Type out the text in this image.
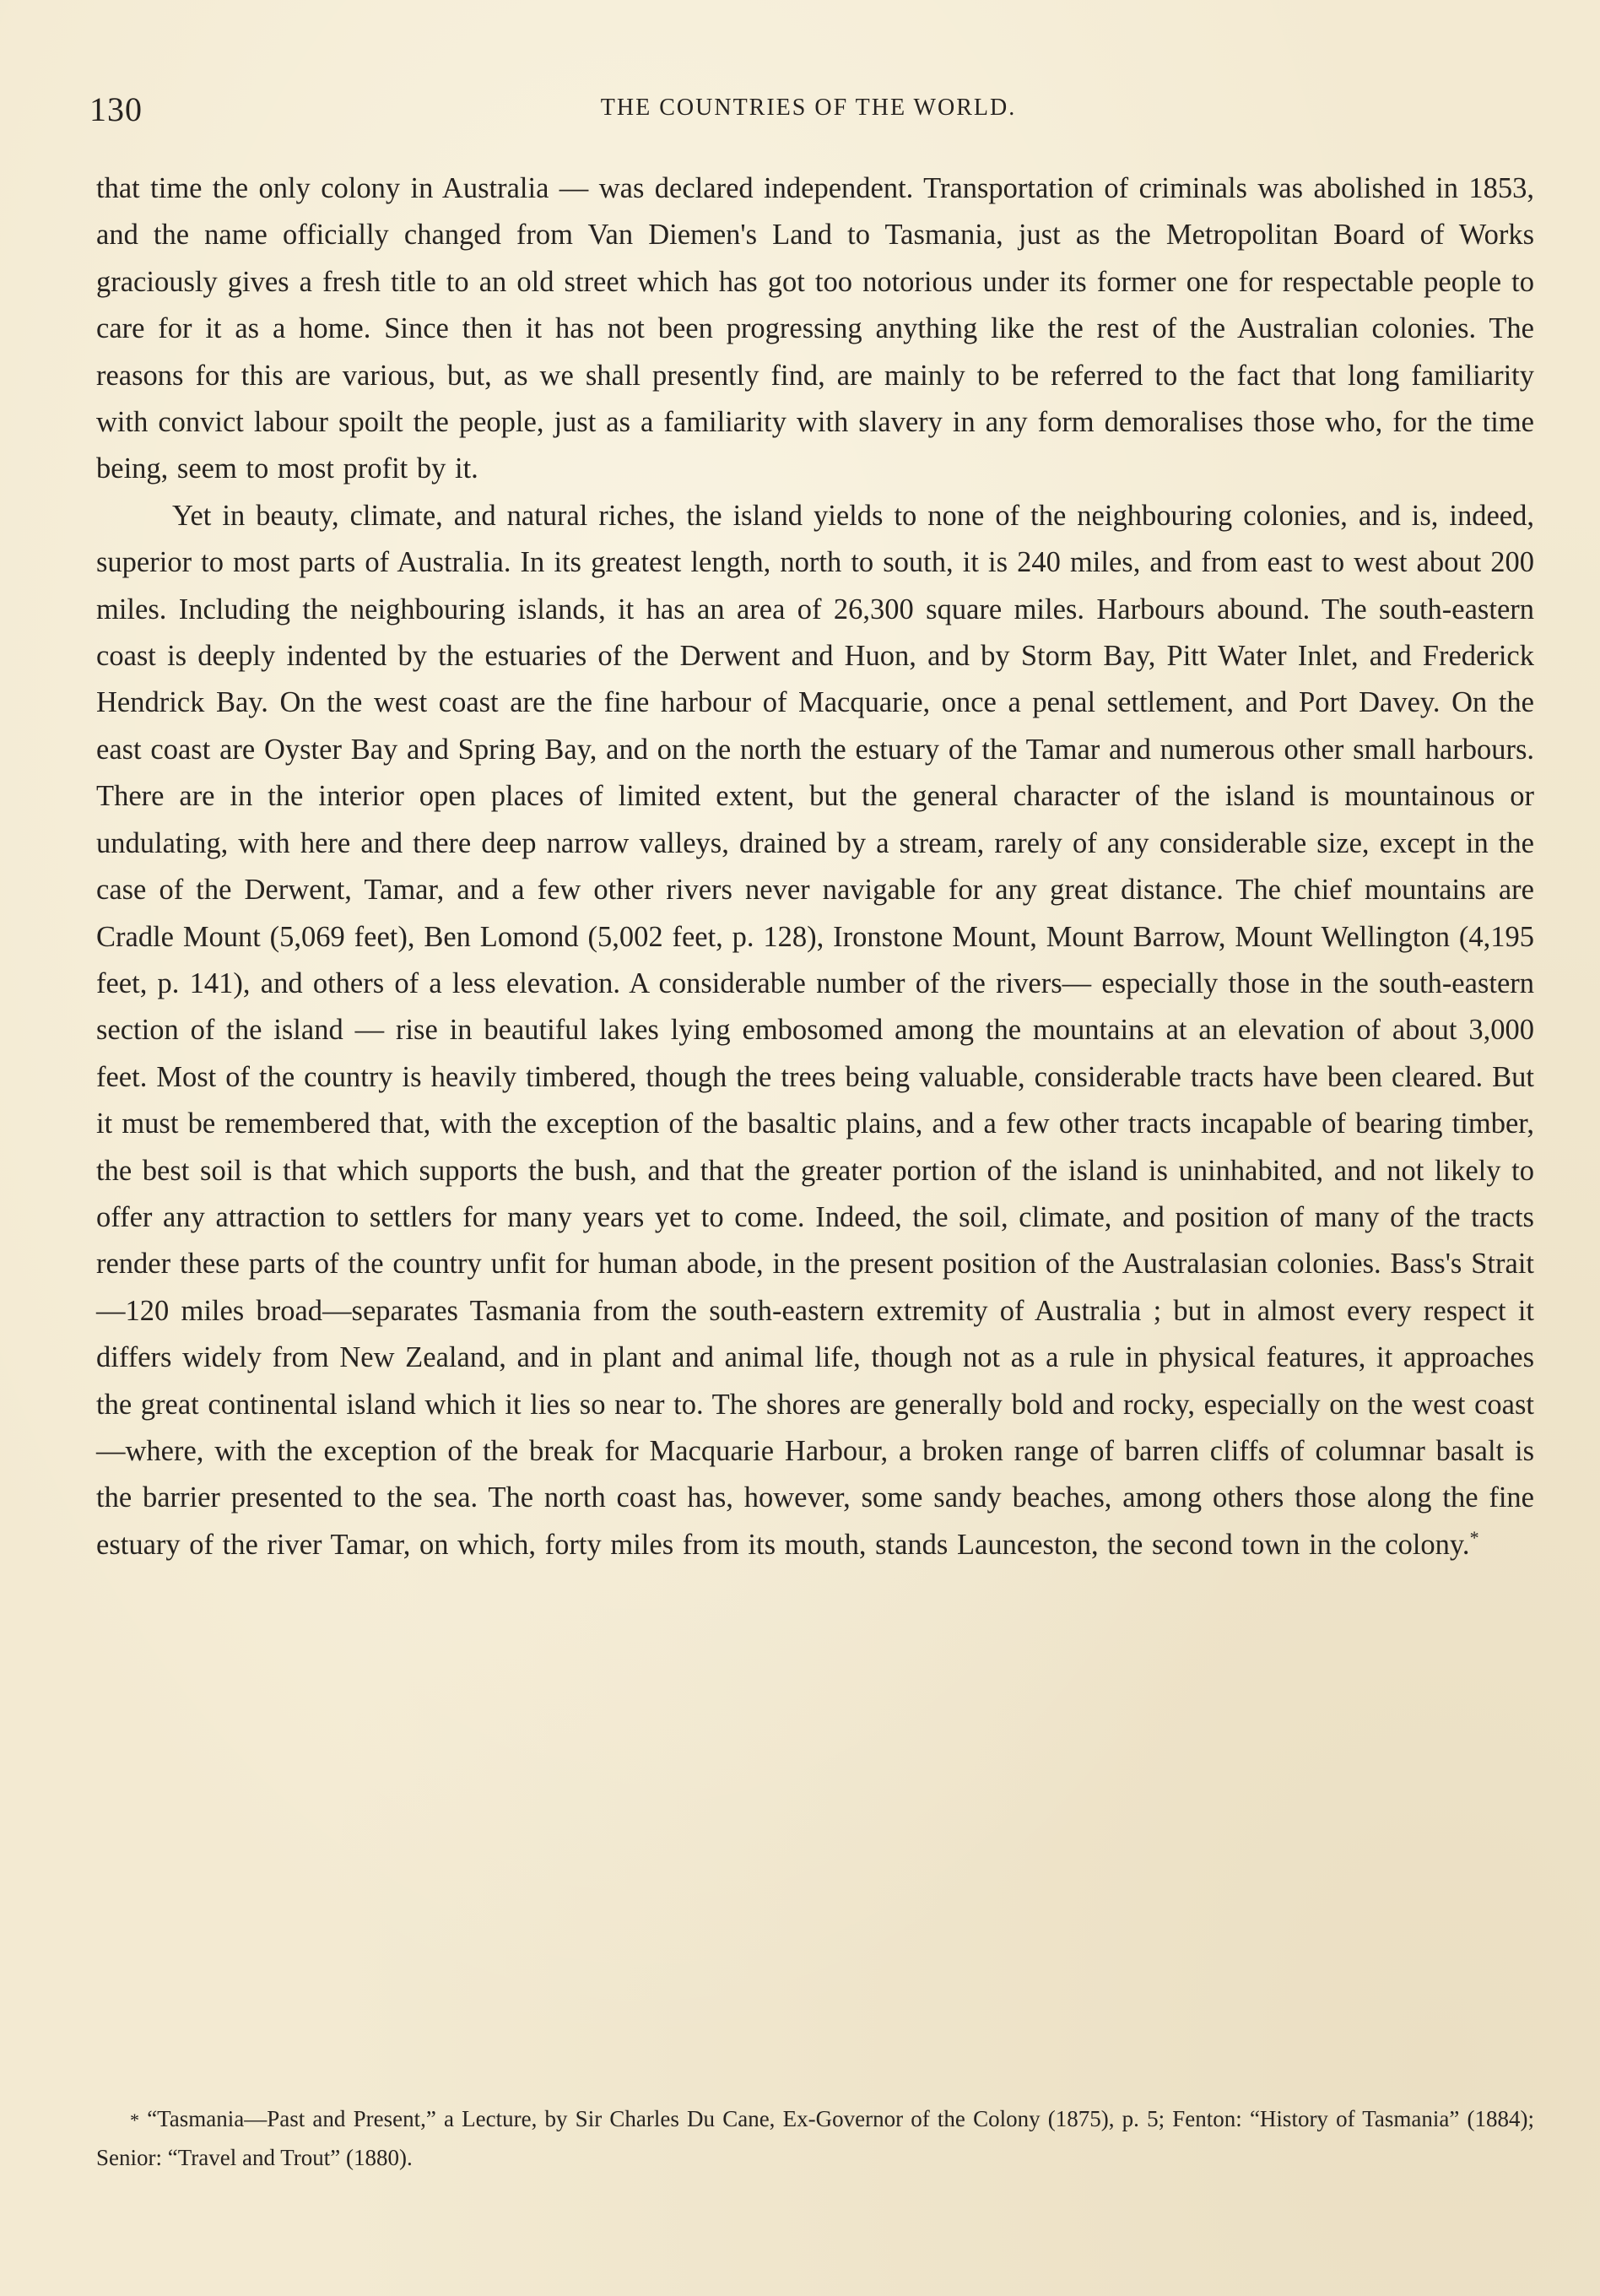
130	THE COUNTRIES OF THE WORLD.

that time the only colony in Australia — was declared independent. Transportation of criminals was abolished in 1853, and the name officially changed from Van Diemen's Land to Tasmania, just as the Metropolitan Board of Works graciously gives a fresh title to an old street which has got too notorious under its former one for respectable people to care for it as a home. Since then it has not been progressing anything like the rest of the Australian colonies. The reasons for this are various, but, as we shall presently find, are mainly to be referred to the fact that long familiarity with convict labour spoilt the people, just as a familiarity with slavery in any form demoralises those who, for the time being, seem to most profit by it.

Yet in beauty, climate, and natural riches, the island yields to none of the neighbouring colonies, and is, indeed, superior to most parts of Australia. In its greatest length, north to south, it is 240 miles, and from east to west about 200 miles. Including the neighbouring islands, it has an area of 26,300 square miles. Harbours abound. The south-eastern coast is deeply indented by the estuaries of the Derwent and Huon, and by Storm Bay, Pitt Water Inlet, and Frederick Hendrick Bay. On the west coast are the fine harbour of Macquarie, once a penal settlement, and Port Davey. On the east coast are Oyster Bay and Spring Bay, and on the north the estuary of the Tamar and numerous other small harbours. There are in the interior open places of limited extent, but the general character of the island is mountainous or undulating, with here and there deep narrow valleys, drained by a stream, rarely of any considerable size, except in the case of the Derwent, Tamar, and a few other rivers never navigable for any great distance. The chief mountains are Cradle Mount (5,069 feet), Ben Lomond (5,002 feet, p. 128), Ironstone Mount, Mount Barrow, Mount Wellington (4,195 feet, p. 141), and others of a less elevation. A considerable number of the rivers— especially those in the south-eastern section of the island — rise in beautiful lakes lying embosomed among the mountains at an elevation of about 3,000 feet. Most of the country is heavily timbered, though the trees being valuable, considerable tracts have been cleared. But it must be remembered that, with the exception of the basaltic plains, and a few other tracts incapable of bearing timber, the best soil is that which supports the bush, and that the greater portion of the island is uninhabited, and not likely to offer any attraction to settlers for many years yet to come. Indeed, the soil, climate, and position of many of the tracts render these parts of the country unfit for human abode, in the present position of the Australasian colonies. Bass's Strait—120 miles broad—separates Tasmania from the south-eastern extremity of Australia ; but in almost every respect it differs widely from New Zealand, and in plant and animal life, though not as a rule in physical features, it approaches the great continental island which it lies so near to. The shores are generally bold and rocky, especially on the west coast—where, with the exception of the break for Macquarie Harbour, a broken range of barren cliffs of columnar basalt is the barrier presented to the sea. The north coast has, however, some sandy beaches, among others those along the fine estuary of the river Tamar, on which, forty miles from its mouth, stands Launceston, the second town in the colony.*

* “Tasmania—Past and Present,” a Lecture, by Sir Charles Du Cane, Ex-Governor of the Colony (1875), p. 5; Fenton: “History of Tasmania” (1884); Senior: “Travel and Trout” (1880).
